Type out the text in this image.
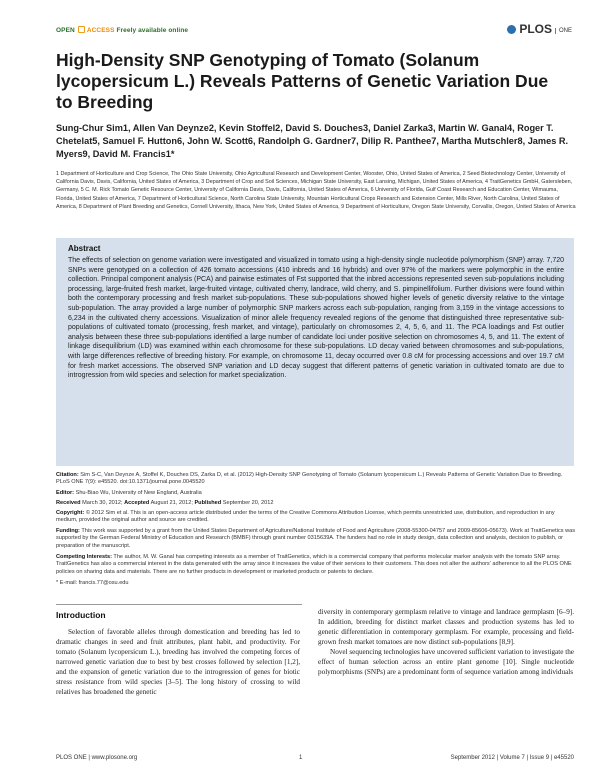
OPEN ACCESS Freely available online	PLOS ONE
High-Density SNP Genotyping of Tomato (Solanum lycopersicum L.) Reveals Patterns of Genetic Variation Due to Breeding
Sung-Chur Sim1, Allen Van Deynze2, Kevin Stoffel2, David S. Douches3, Daniel Zarka3, Martin W. Ganal4, Roger T. Chetelat5, Samuel F. Hutton6, John W. Scott6, Randolph G. Gardner7, Dilip R. Panthee7, Martha Mutschler8, James R. Myers9, David M. Francis1*
1 Department of Horticulture and Crop Science, The Ohio State University, Ohio Agricultural Research and Development Center, Wooster, Ohio, United States of America, 2 Seed Biotechnology Center, University of California Davis, Davis, California, United States of America, 3 Department of Crop and Soil Sciences, Michigan State University, East Lansing, Michigan, United States of America, 4 TraitGenetics GmbH, Gatersleben, Germany, 5 C. M. Rick Tomato Genetic Resource Center, University of California Davis, Davis, California, United States of America, 6 University of Florida, Gulf Coast Research and Education Center, Wimauma, Florida, United States of America, 7 Department of Horticultural Science, North Carolina State University, Mountain Horticultural Crops Research and Extension Center, Mills River, North Carolina, United States of America, 8 Department of Plant Breeding and Genetics, Cornell University, Ithaca, New York, United States of America, 9 Department of Horticulture, Oregon State University, Corvallis, Oregon, United States of America
Abstract
The effects of selection on genome variation were investigated and visualized in tomato using a high-density single nucleotide polymorphism (SNP) array. 7,720 SNPs were genotyped on a collection of 426 tomato accessions (410 inbreds and 16 hybrids) and over 97% of the markers were polymorphic in the entire collection. Principal component analysis (PCA) and pairwise estimates of Fst supported that the inbred accessions represented seven sub-populations including processing, large-fruited fresh market, large-fruited vintage, cultivated cherry, landrace, wild cherry, and S. pimpinellifolium. Further divisions were found within both the contemporary processing and fresh market sub-populations. These sub-populations showed higher levels of genetic diversity relative to the vintage sub-population. The array provided a large number of polymorphic SNP markers across each sub-population, ranging from 3,159 in the vintage accessions to 6,234 in the cultivated cherry accessions. Visualization of minor allele frequency revealed regions of the genome that distinguished three representative sub-populations of cultivated tomato (processing, fresh market, and vintage), particularly on chromosomes 2, 4, 5, 6, and 11. The PCA loadings and Fst outlier analysis between these three sub-populations identified a large number of candidate loci under positive selection on chromosomes 4, 5, and 11. The extent of linkage disequilibrium (LD) was examined within each chromosome for these sub-populations. LD decay varied between chromosomes and sub-populations, with large differences reflective of breeding history. For example, on chromosome 11, decay occurred over 0.8 cM for processing accessions and over 19.7 cM for fresh market accessions. The observed SNP variation and LD decay suggest that different patterns of genetic variation in cultivated tomato are due to introgression from wild species and selection for market specialization.
Citation: Sim S-C, Van Deynze A, Stoffel K, Douches DS, Zarka D, et al. (2012) High-Density SNP Genotyping of Tomato (Solanum lycopersicum L.) Reveals Patterns of Genetic Variation Due to Breeding. PLoS ONE 7(9): e45520. doi:10.1371/journal.pone.0045520
Editor: Shu-Biao Wu, University of New England, Australia
Received March 30, 2012; Accepted August 21, 2012; Published September 20, 2012
Copyright: © 2012 Sim et al. This is an open-access article distributed under the terms of the Creative Commons Attribution License, which permits unrestricted use, distribution, and reproduction in any medium, provided the original author and source are credited.
Funding: This work was supported by a grant from the United States Department of Agriculture/National Institute of Food and Agriculture (2008-55300-04757 and 2009-85606-05673). Work at TraitGenetics was supported by the German Federal Ministry of Education and Research (BMBF) through grant number 0315639A. The funders had no role in study design, data collection and analysis, decision to publish, or preparation of the manuscript.
Competing Interests: The author, M. W. Ganal has competing interests as a member of TraitGenetics, which is a commercial company that performs molecular marker analysis with the tomato SNP array. TraitGenetics has also a commercial interest in the data generated with the array since it increases the value of their services to their customers. This does not alter the authors' adherence to all the PLOS ONE policies on sharing data and materials. There are no further products in development or marketed products or patents to declare.
* E-mail: francis.77@osu.edu
Introduction
Selection of favorable alleles through domestication and breeding has led to dramatic changes in seed and fruit attributes, plant habit, and productivity. For tomato (Solanum lycopersicum L.), breeding has involved the competing forces of narrowed genetic variation due to best by best crosses followed by selection [1,2], and the expansion of genetic variation due to the introgression of genes for biotic stress resistance from wild species [3–5]. The long history of crossing to wild relatives has broadened the genetic
diversity in contemporary germplasm relative to vintage and landrace germplasm [6–9]. In addition, breeding for distinct market classes and production systems has led to genetic differentiation in contemporary germplasm. For example, processing and field-grown fresh market tomatoes are now distinct sub-populations [8,9].
Novel sequencing technologies have uncovered sufficient variation to investigate the effect of human selection across an entire plant genome [10]. Single nucleotide polymorphisms (SNPs) are a predominant form of sequence variation among individuals
PLOS ONE | www.plosone.org	1	September 2012 | Volume 7 | Issue 9 | e45520
